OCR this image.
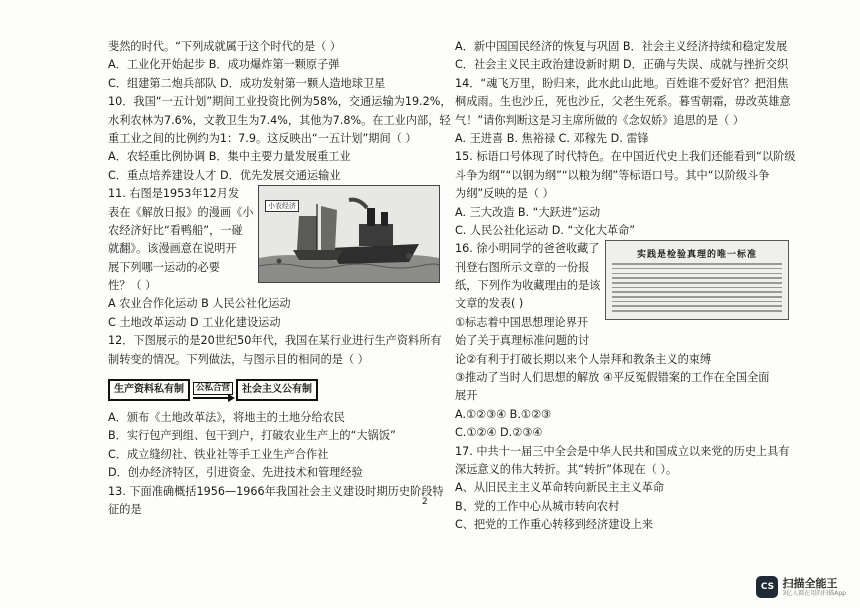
斐然的时代。“下列成就属于这个时代的是（ ）
A．工业化开始起步 B．成功爆炸第一颗原子弹
C．组建第二炮兵部队 D．成功发射第一颗人造地球卫星
10．我国“一五计划”期间工业投资比例为58%，交通运输为19.2%，
水利农林为7.6%，文教卫生为7.4%，其他为7.8%。在工业内部，轻
重工业之间的比例约为1：7.9。这反映出“一五计划”期间（ ）
A．农轻重比例协调 B．集中主要力量发展重工业
C．重点培养建设人才 D．优先发展交通运输业
11. 右图是1953年12月发
表在《解放日报》的漫画《小
农经济好比“看鸭船”，一碰
就翻》。该漫画意在说明开
展下列哪一运动的必要
性？（ ）
小农经济
A 农业合作化运动 B 人民公社化运动
C 土地改革运动 D 工业化建设运动
12．下图展示的是20世纪50年代，我国在某行业进行生产资料所有
制转变的情况。下列做法，与图示目的相同的是（ ）
生产资料私有制	公私合营	社会主义公有制
A．颁布《土地改革法》，将地主的土地分给农民
B．实行包产到组、包干到户，打破农业生产上的“大锅饭”
C．成立缝纫社、铁业社等手工业生产合作社
D．创办经济特区，引进资金、先进技术和管理经验
13. 下面准确概括1956—1966年我国社会主义建设时期历史阶段特
征的是
A．新中国国民经济的恢复与巩固 B．社会主义经济持续和稳定发展
C．社会主义民主政治建设新时期 D．正确与失误、成就与挫折交织
14．“魂飞万里，盼归来，此水此山此地。百姓谁不爱好官？把泪焦
桐成雨。生也沙丘，死也沙丘，父老生死系。暮雪朝霜，毋改英雄意
气！”请你判断这是习主席所做的《念奴娇》追思的是（ ）
A. 王进喜 B. 焦裕禄 C. 邓稼先 D. 雷锋
15. 标语口号体现了时代特色。在中国近代史上我们还能看到“以阶级
斗争为纲”“以钢为纲”“以粮为纲”等标语口号。其中“以阶级斗争
为纲”反映的是（ ）
A. 三大改造 B. “大跃进”运动
C. 人民公社化运动 D. “文化大革命”
16. 徐小明同学的爸爸收藏了
刊登右图所示文章的一份报
纸，下列作为收藏理由的是该
文章的发表( )
①标志着中国思想理论界开
始了关于真理标准问题的讨
实践是检验真理的唯一标准
论②有利于打破长期以来个人崇拜和教条主义的束缚
③推动了当时人们思想的解放 ④平反冤假错案的工作在全国全面
展开
A.①②③④ B.①②③
C.①②④ D.②③④
17. 中共十一届三中全会是中华人民共和国成立以来党的历史上具有
深远意义的伟大转折。其“转折”体现在（ ）。
A、从旧民主主义革命转向新民主主义革命
B、党的工作中心从城市转向农村
C、把党的工作重心转移到经济建设上来
2
CS 扫描全能王
3亿人都在用的扫描App
